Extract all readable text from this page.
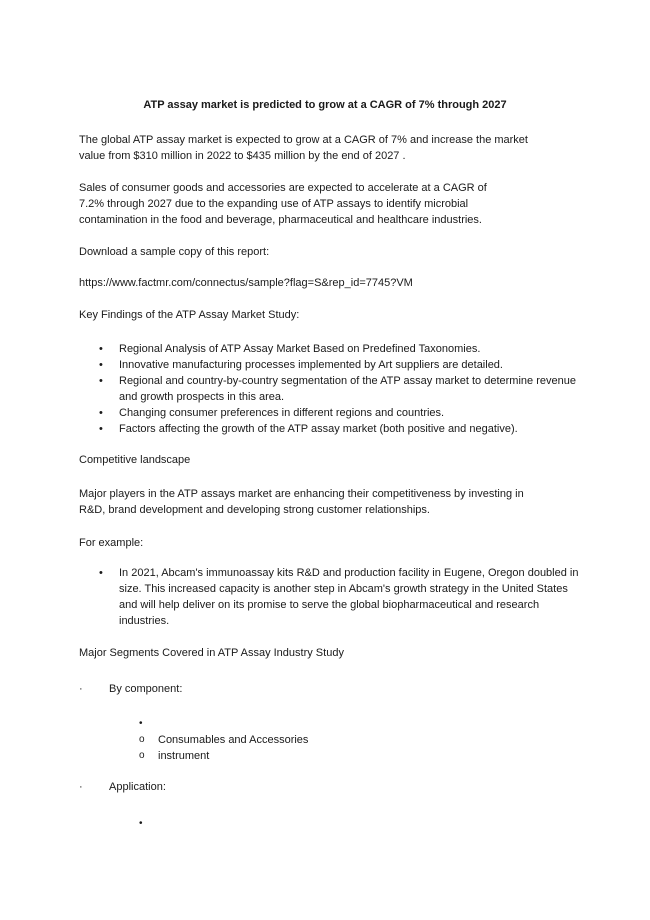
ATP assay market is predicted to grow at a CAGR of 7% through 2027

The global ATP assay market is expected to grow at a CAGR of 7% and increase the market

value from $310 million in 2022 to $435 million by the end of 2027 .

Sales of consumer goods and accessories are expected to accelerate at a CAGR of

7.2% through 2027 due to the expanding use of ATP assays to identify microbial

contamination in the food and beverage, pharmaceutical and healthcare industries.

Download a sample copy of this report:

https://www.factmr.com/connectus/sample?flag=S&rep_id=7745?VM

Key Findings of the ATP Assay Market Study:

• Regional Analysis of ATP Assay Market Based on Predefined Taxonomies.
• Innovative manufacturing processes implemented by Art suppliers are detailed.
• Regional and country-by-country segmentation of the ATP assay market to determine revenue and growth prospects in this area.
• Changing consumer preferences in different regions and countries.
• Factors affecting the growth of the ATP assay market (both positive and negative).

Competitive landscape

Major players in the ATP assays market are enhancing their competitiveness by investing in

R&D, brand development and developing strong customer relationships.

For example:

• In 2021, Abcam's immunoassay kits R&D and production facility in Eugene, Oregon doubled in size. This increased capacity is another step in Abcam's growth strategy in the United States and will help deliver on its promise to serve the global biopharmaceutical and research industries.

Major Segments Covered in ATP Assay Industry Study

· By component:
•
o Consumables and Accessories
o instrument
· Application:
•
